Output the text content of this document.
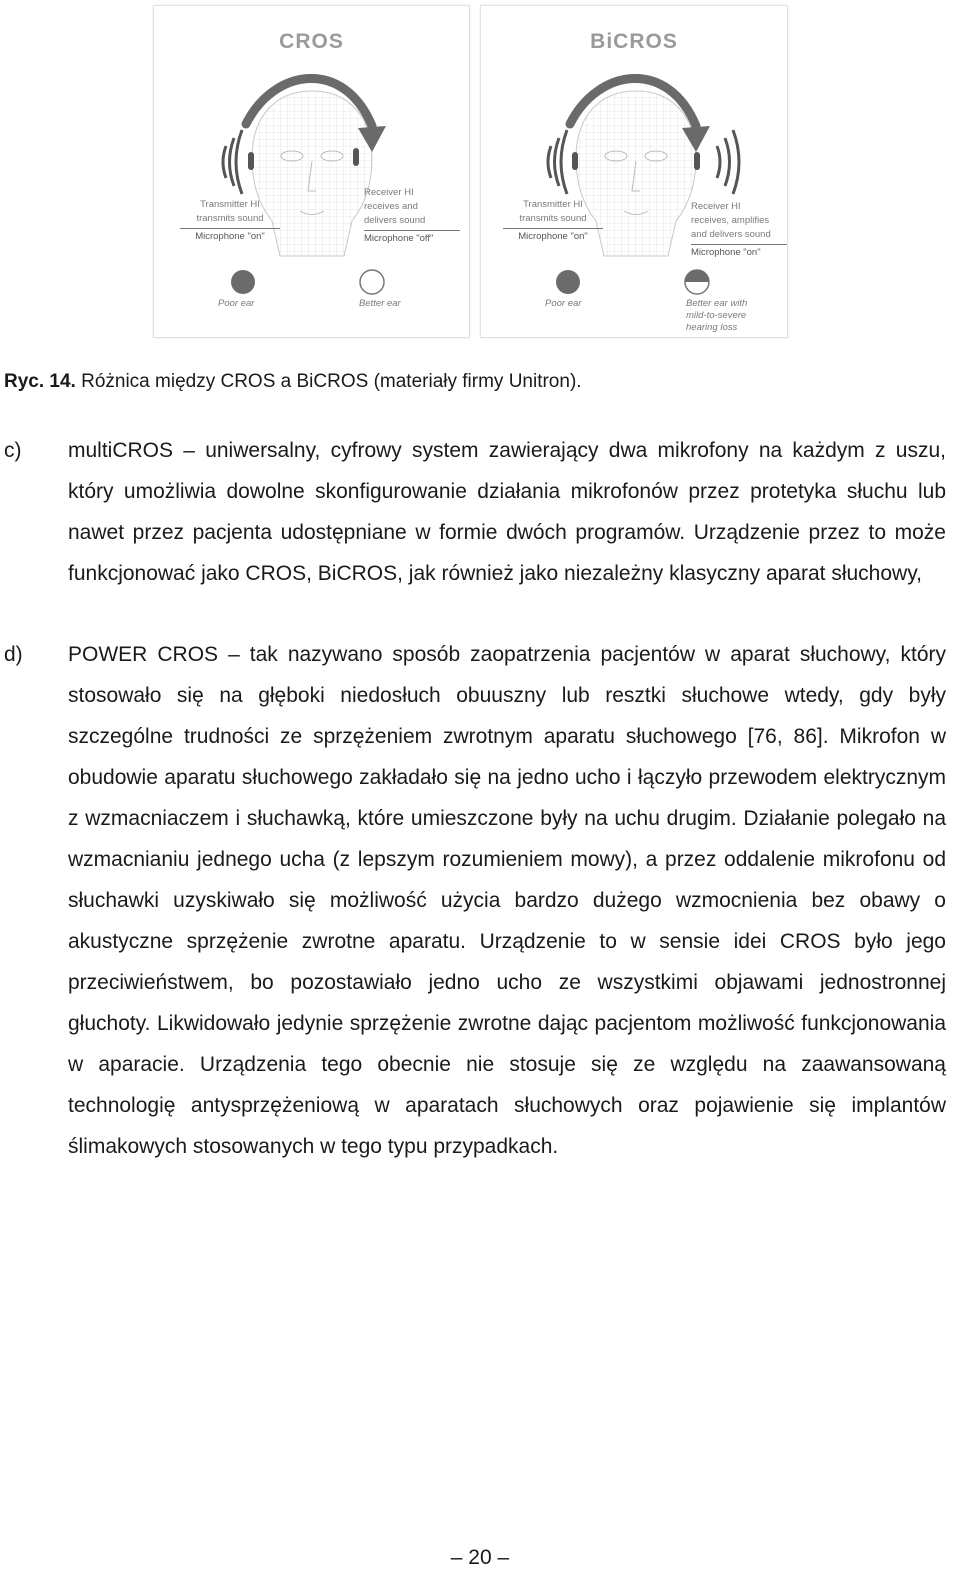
CROS
Transmitter HI
transmits sound
Microphone "on"
Receiver HI
receives and
delivers sound
Microphone "off"
Poor ear	Better ear
BiCROS
Transmitter HI
transmits sound
Microphone "on"
Receiver HI
receives, amplifies
and delivers sound
Microphone "on"
Poor ear	Better ear with
mild-to-severe
hearing loss
Ryc. 14. Różnica między CROS a BiCROS (materiały firmy Unitron).
c) multiCROS – uniwersalny, cyfrowy system zawierający dwa mikrofony na każdym z uszu, który umożliwia dowolne skonfigurowanie działania mikrofonów przez protetyka słuchu lub nawet przez pacjenta udostępniane w formie dwóch programów. Urządzenie przez to może funkcjonować jako CROS, BiCROS, jak również jako niezależny klasyczny aparat słuchowy,
d) POWER CROS – tak nazywano sposób zaopatrzenia pacjentów w aparat słuchowy, który stosowało się na głęboki niedosłuch obuuszny lub resztki słuchowe wtedy, gdy były szczególne trudności ze sprzężeniem zwrotnym aparatu słuchowego [76, 86]. Mikrofon w obudowie aparatu słuchowego zakładało się na jedno ucho i łączyło przewodem elektrycznym z wzmacniaczem i słuchawką, które umieszczone były na uchu drugim. Działanie polegało na wzmacnianiu jednego ucha (z lepszym rozumieniem mowy), a przez oddalenie mikrofonu od słuchawki uzyskiwało się możliwość użycia bardzo dużego wzmocnienia bez obawy o akustyczne sprzężenie zwrotne aparatu. Urządzenie to w sensie idei CROS było jego przeciwieństwem, bo pozostawiało jedno ucho ze wszystkimi objawami jednostronnej głuchoty. Likwidowało jedynie sprzężenie zwrotne dając pacjentom możliwość funkcjonowania w aparacie. Urządzenia tego obecnie nie stosuje się ze względu na zaawansowaną technologię antysprzężeniową w aparatach słuchowych oraz pojawienie się implantów ślimakowych stosowanych w tego typu przypadkach.
– 20 –
